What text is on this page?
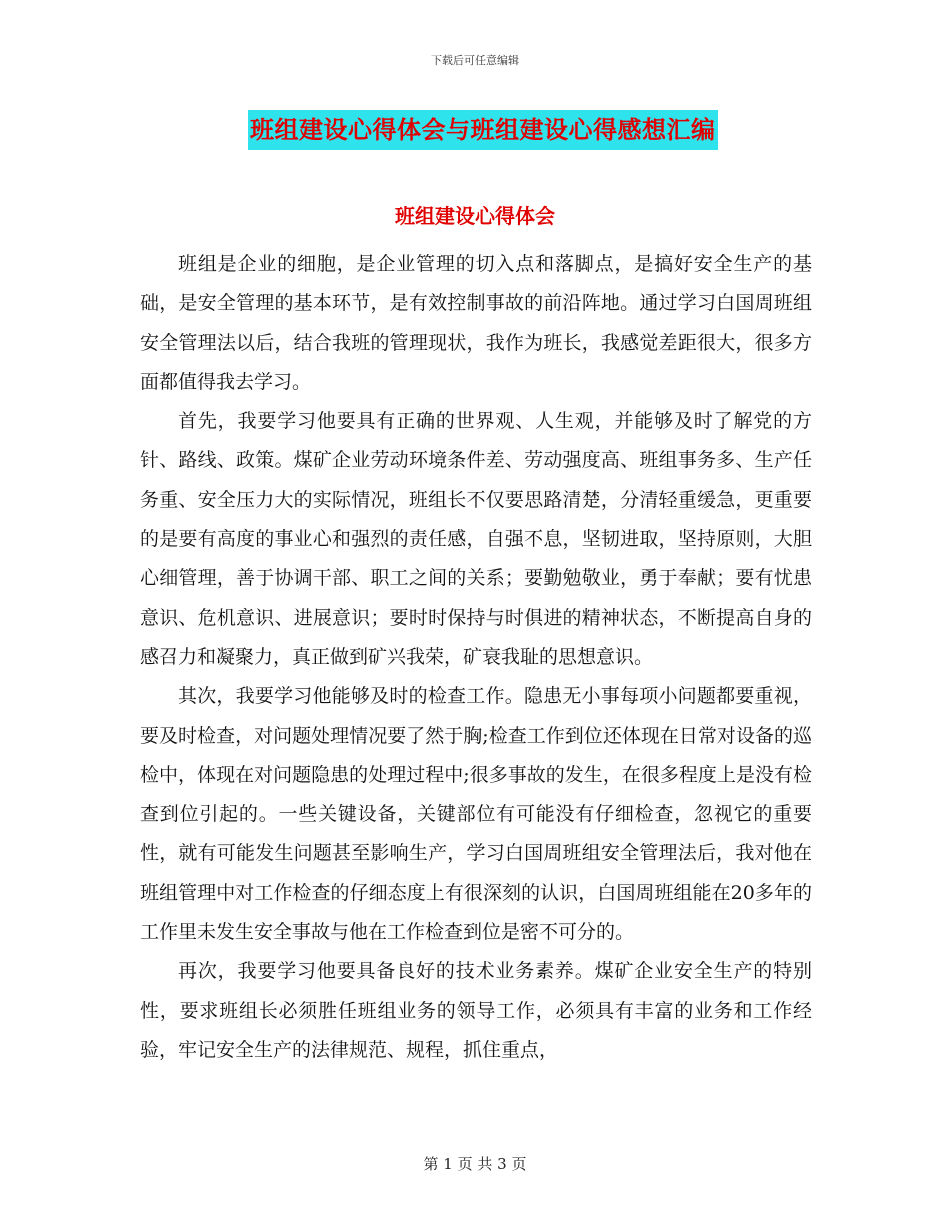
下载后可任意编辑
班组建设心得体会与班组建设心得感想汇编
班组建设心得体会

班组是企业的细胞，是企业管理的切入点和落脚点，是搞好安全生产的基础，是安全管理的基本环节，是有效控制事故的前沿阵地。通过学习白国周班组安全管理法以后，结合我班的管理现状，我作为班长，我感觉差距很大，很多方面都值得我去学习。

首先，我要学习他要具有正确的世界观、人生观，并能够及时了解党的方针、路线、政策。煤矿企业劳动环境条件差、劳动强度高、班组事务多、生产任务重、安全压力大的实际情况，班组长不仅要思路清楚，分清轻重缓急，更重要的是要有高度的事业心和强烈的责任感，自强不息，坚韧进取，坚持原则，大胆心细管理，善于协调干部、职工之间的关系；要勤勉敬业，勇于奉献；要有忧患意识、危机意识、进展意识；要时时保持与时俱进的精神状态，不断提高自身的感召力和凝聚力，真正做到矿兴我荣，矿衰我耻的思想意识。

其次，我要学习他能够及时的检查工作。隐患无小事每项小问题都要重视，要及时检查，对问题处理情况要了然于胸;检查工作到位还体现在日常对设备的巡检中，体现在对问题隐患的处理过程中;很多事故的发生，在很多程度上是没有检查到位引起的。一些关键设备，关键部位有可能没有仔细检查，忽视它的重要性，就有可能发生问题甚至影响生产，学习白国周班组安全管理法后，我对他在班组管理中对工作检查的仔细态度上有很深刻的认识，白国周班组能在20多年的工作里未发生安全事故与他在工作检查到位是密不可分的。

再次，我要学习他要具备良好的技术业务素养。煤矿企业安全生产的特别性，要求班组长必须胜任班组业务的领导工作，必须具有丰富的业务和工作经验，牢记安全生产的法律规范、规程，抓住重点，

第 1 页 共 3 页
